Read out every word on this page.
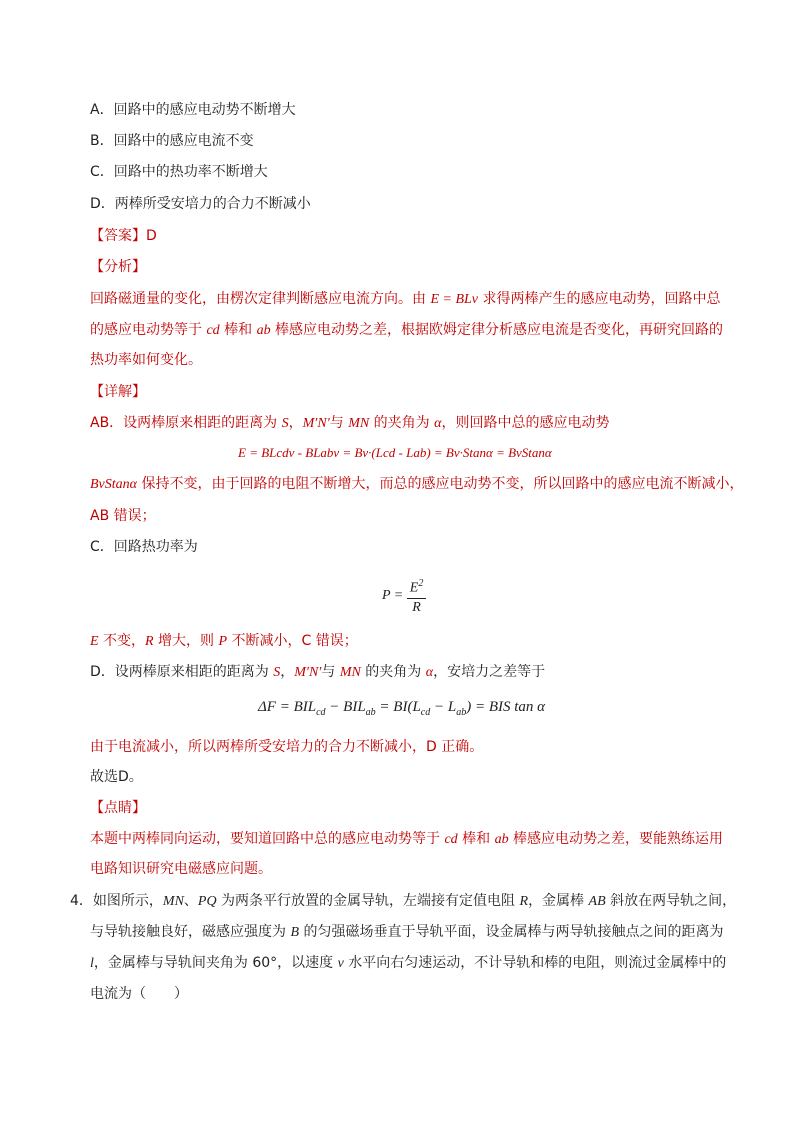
A．回路中的感应电动势不断增大
B．回路中的感应电流不变
C．回路中的热功率不断增大
D．两棒所受安培力的合力不断减小
【答案】D
【分析】
回路磁通量的变化，由楞次定律判断感应电流方向。由 E = BLv 求得两棒产生的感应电动势，回路中总
的感应电动势等于 cd 棒和 ab 棒感应电动势之差，根据欧姆定律分析感应电流是否变化，再研究回路的
热功率如何变化。
【详解】
AB．设两棒原来相距的距离为 S，M′N′与 MN 的夹角为 α，则回路中总的感应电动势
E = BLcdv - BLabv = Bv·(Lcd - Lab) = Bv·Stanα = BvStanα
BvStanα 保持不变，由于回路的电阻不断增大，而总的感应电动势不变，所以回路中的感应电流不断减小，
AB 错误；
C．回路热功率为
$P = \frac{E^2}{R}$
E 不变，R 增大，则 P 不断减小，C 错误；
D．设两棒原来相距的距离为 S，M′N′与 MN 的夹角为 α，安培力之差等于
$\Delta F = BIL_{cd} - BIL_{ab} = BI(L_{cd} - L_{ab})$ = BIS tan α
由于电流减小，所以两棒所受安培力的合力不断减小，D 正确。
故选D。
【点睛】
本题中两棒同向运动，要知道回路中总的感应电动势等于 cd 棒和 ab 棒感应电动势之差，要能熟练运用
电路知识研究电磁感应问题。
4．如图所示，MN、PQ 为两条平行放置的金属导轨，左端接有定值电阻 R，金属棒 AB 斜放在两导轨之间，
与导轨接触良好，磁感应强度为 B 的匀强磁场垂直于导轨平面，设金属棒与两导轨接触点之间的距离为
l，金属棒与导轨间夹角为 60°，以速度 v 水平向右匀速运动，不计导轨和棒的电阻，则流过金属棒中的
电流为（　　）
